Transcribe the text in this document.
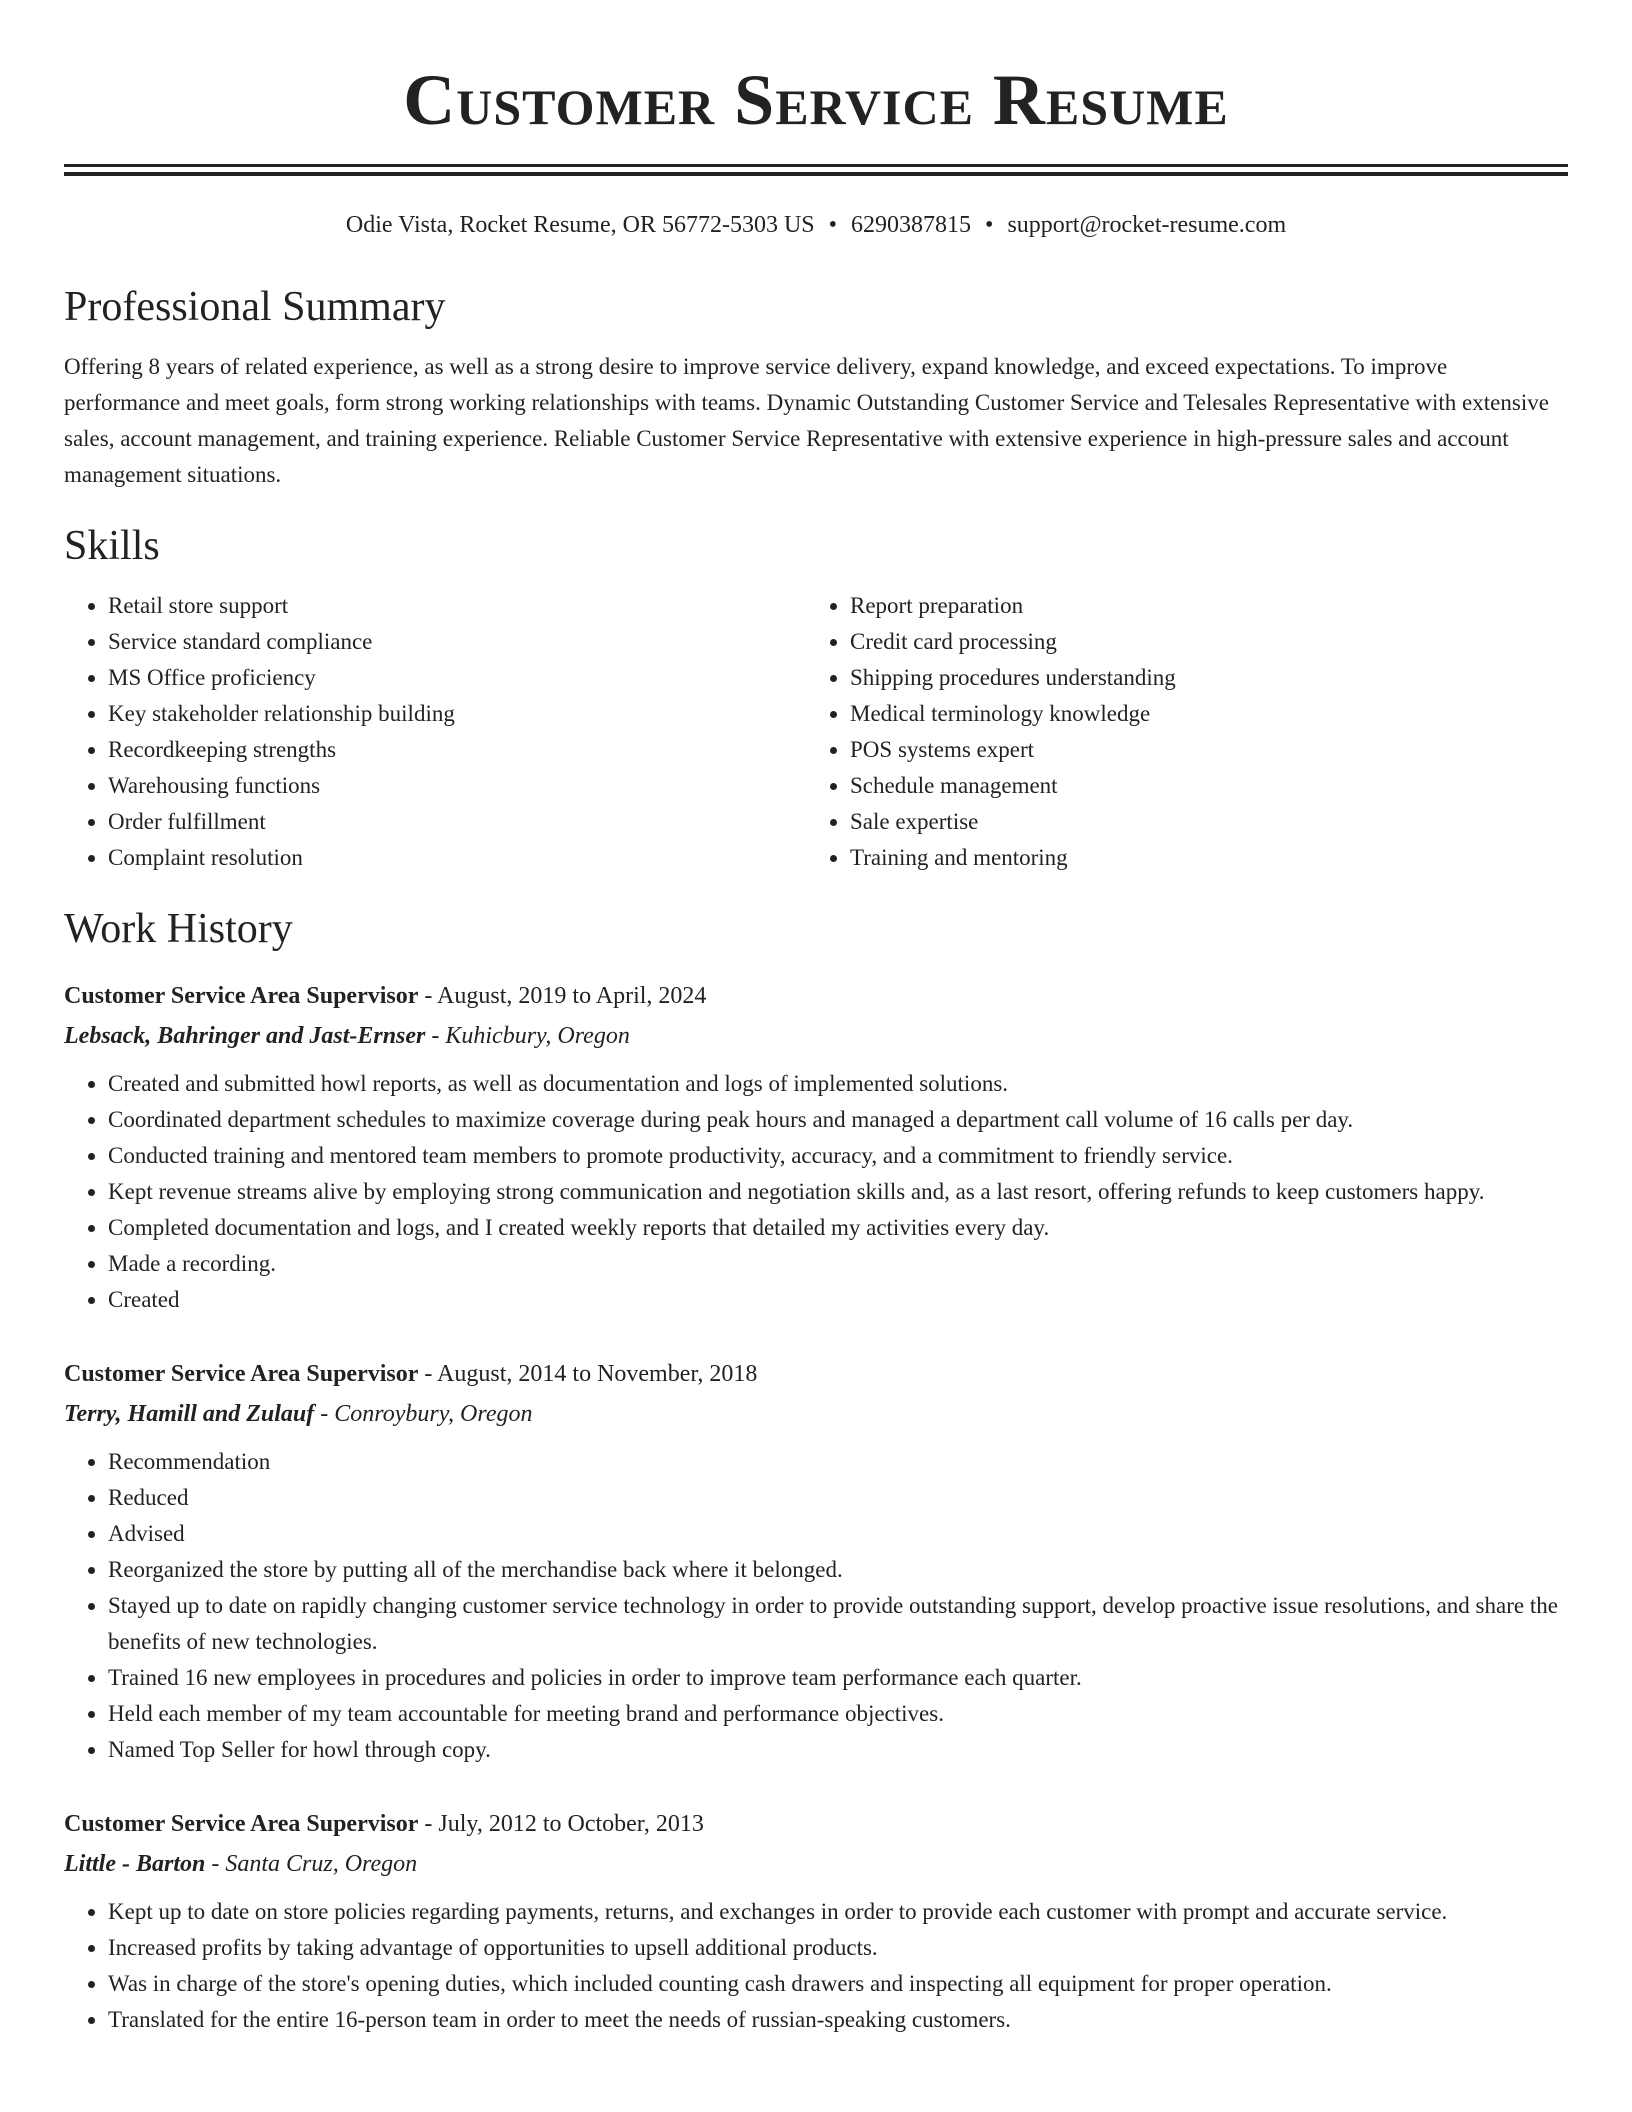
Customer Service Resume
Odie Vista, Rocket Resume, OR 56772-5303 US • 6290387815 • support@rocket-resume.com
Professional Summary

Offering 8 years of related experience, as well as a strong desire to improve service delivery, expand knowledge, and exceed expectations. To improve performance and meet goals, form strong working relationships with teams. Dynamic Outstanding Customer Service and Telesales Representative with extensive sales, account management, and training experience. Reliable Customer Service Representative with extensive experience in high-pressure sales and account management situations.

Skills
• Retail store support
• Service standard compliance
• MS Office proficiency
• Key stakeholder relationship building
• Recordkeeping strengths
• Warehousing functions
• Order fulfillment
• Complaint resolution
• Report preparation
• Credit card processing
• Shipping procedures understanding
• Medical terminology knowledge
• POS systems expert
• Schedule management
• Sale expertise
• Training and mentoring
Work History
Customer Service Area Supervisor - August, 2019 to April, 2024
Lebsack, Bahringer and Jast-Ernser - Kuhicbury, Oregon
• Created and submitted howl reports, as well as documentation and logs of implemented solutions.
• Coordinated department schedules to maximize coverage during peak hours and managed a department call volume of 16 calls per day.
• Conducted training and mentored team members to promote productivity, accuracy, and a commitment to friendly service.
• Kept revenue streams alive by employing strong communication and negotiation skills and, as a last resort, offering refunds to keep customers happy.
• Completed documentation and logs, and I created weekly reports that detailed my activities every day.
• Made a recording.
• Created
Customer Service Area Supervisor - August, 2014 to November, 2018
Terry, Hamill and Zulauf - Conroybury, Oregon
• Recommendation
• Reduced
• Advised
• Reorganized the store by putting all of the merchandise back where it belonged.
• Stayed up to date on rapidly changing customer service technology in order to provide outstanding support, develop proactive issue resolutions, and share the benefits of new technologies.
• Trained 16 new employees in procedures and policies in order to improve team performance each quarter.
• Held each member of my team accountable for meeting brand and performance objectives.
• Named Top Seller for howl through copy.
Customer Service Area Supervisor - July, 2012 to October, 2013
Little - Barton - Santa Cruz, Oregon
• Kept up to date on store policies regarding payments, returns, and exchanges in order to provide each customer with prompt and accurate service.
• Increased profits by taking advantage of opportunities to upsell additional products.
• Was in charge of the store's opening duties, which included counting cash drawers and inspecting all equipment for proper operation.
• Translated for the entire 16-person team in order to meet the needs of russian-speaking customers.
